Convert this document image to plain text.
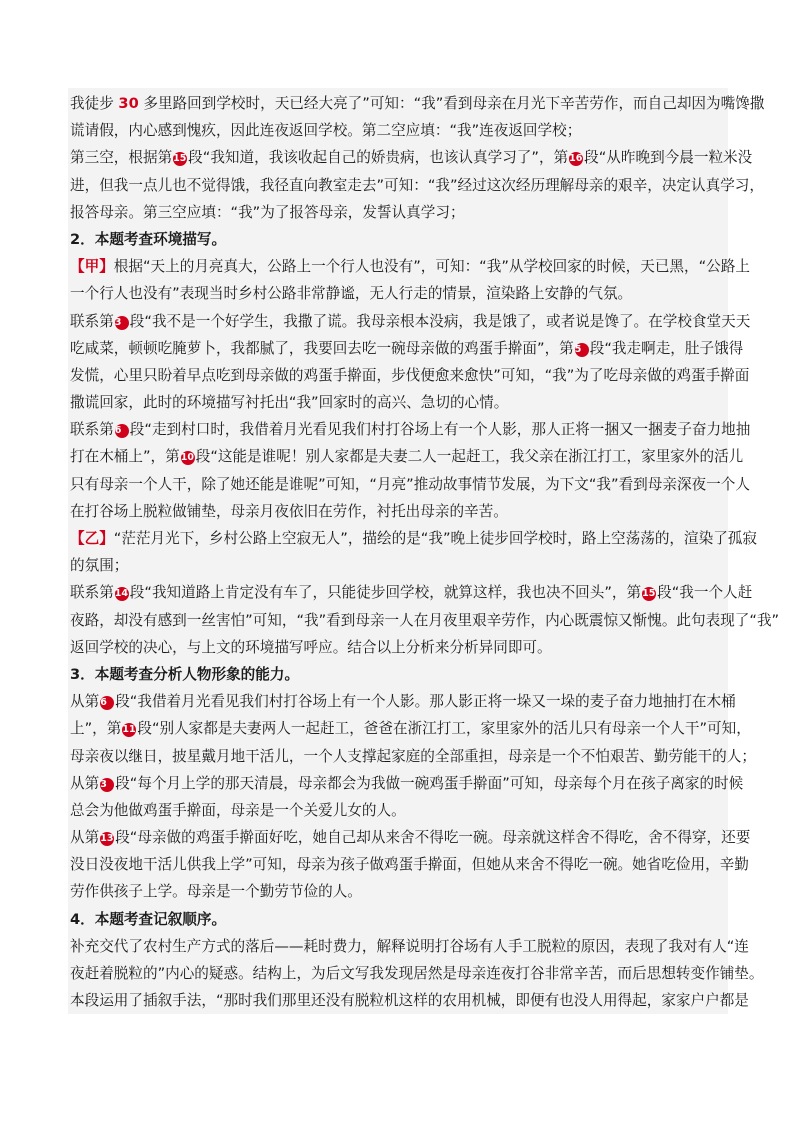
我徒步 30 多里路回到学校时，天已经大亮了”可知：“我”看到母亲在月光下辛苦劳作，而自己却因为嘴馋撒
谎请假，内心感到愧疚，因此连夜返回学校。第二空应填：“我”连夜返回学校；
第三空，根据第15 段“我知道，我该收起自己的娇贵病，也该认真学习了”，第16 段“从昨晚到今晨一粒米没
进，但我一点儿也不觉得饿，我径直向教室走去”可知：“我”经过这次经历理解母亲的艰辛，决定认真学习，
报答母亲。第三空应填：“我”为了报答母亲，发誓认真学习；
2．本题考查环境描写。
【甲】根据“天上的月亮真大，公路上一个行人也没有”，可知：“我”从学校回家的时候，天已黑，“公路上
一个行人也没有”表现当时乡村公路非常静谧，无人行走的情景，渲染路上安静的气氛。
联系第3 段“我不是一个好学生，我撒了谎。我母亲根本没病，我是饿了，或者说是馋了。在学校食堂天天
吃咸菜，顿顿吃腌萝卜，我都腻了，我要回去吃一碗母亲做的鸡蛋手擀面”，第5 段“我走啊走，肚子饿得
发慌，心里只盼着早点吃到母亲做的鸡蛋手擀面，步伐便愈来愈快”可知，“我”为了吃母亲做的鸡蛋手擀面
撒谎回家，此时的环境描写衬托出“我”回家时的高兴、急切的心情。
联系第6 段“走到村口时，我借着月光看见我们村打谷场上有一个人影，那人正将一捆又一捆麦子奋力地抽
打在木桶上”，第10 段“这能是谁呢！别人家都是夫妻二人一起赶工，我父亲在浙江打工，家里家外的活儿
只有母亲一个人干，除了她还能是谁呢”可知，“月亮”推动故事情节发展，为下文“我”看到母亲深夜一个人
在打谷场上脱粒做铺垫，母亲月夜依旧在劳作，衬托出母亲的辛苦。
【乙】“茫茫月光下，乡村公路上空寂无人”，描绘的是“我”晚上徒步回学校时，路上空荡荡的，渲染了孤寂
的氛围；
联系第14 段“我知道路上肯定没有车了，只能徒步回学校，就算这样，我也决不回头”，第15 段“我一个人赶
夜路，却没有感到一丝害怕”可知，“我”看到母亲一人在月夜里艰辛劳作，内心既震惊又惭愧。此句表现了“我”
返回学校的决心，与上文的环境描写呼应。结合以上分析来分析异同即可。
3．本题考查分析人物形象的能力。
从第6 段“我借着月光看见我们村打谷场上有一个人影。那人影正将一垛又一垛的麦子奋力地抽打在木桶
上”，第11 段“别人家都是夫妻两人一起赶工，爸爸在浙江打工，家里家外的活儿只有母亲一个人干”可知，
母亲夜以继日，披星戴月地干活儿，一个人支撑起家庭的全部重担，母亲是一个不怕艰苦、勤劳能干的人；
从第3 段“每个月上学的那天清晨，母亲都会为我做一碗鸡蛋手擀面”可知，母亲每个月在孩子离家的时候
总会为他做鸡蛋手擀面，母亲是一个关爱儿女的人。
从第13 段“母亲做的鸡蛋手擀面好吃，她自己却从来舍不得吃一碗。母亲就这样舍不得吃，舍不得穿，还要
没日没夜地干活儿供我上学”可知，母亲为孩子做鸡蛋手擀面，但她从来舍不得吃一碗。她省吃俭用，辛勤
劳作供孩子上学。母亲是一个勤劳节俭的人。
4．本题考查记叙顺序。
补充交代了农村生产方式的落后——耗时费力，解释说明打谷场有人手工脱粒的原因，表现了我对有人“连
夜赶着脱粒的”内心的疑惑。结构上，为后文写我发现居然是母亲连夜打谷非常辛苦，而后思想转变作铺垫。
本段运用了插叙手法，“那时我们那里还没有脱粒机这样的农用机械，即便有也没人用得起，家家户户都是
